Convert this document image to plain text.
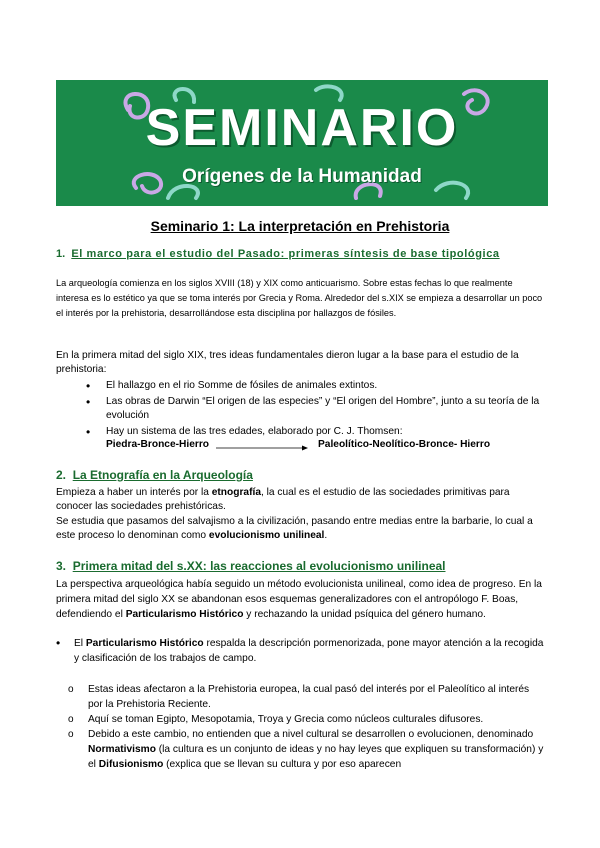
SEMINARIO
Orígenes de la Humanidad
Seminario 1: La interpretación en Prehistoria
1. El marco para el estudio del Pasado: primeras síntesis de base tipológica
La arqueología comienza en los siglos XVIII (18) y XIX como anticuarismo. Sobre estas fechas lo que realmente interesa es lo estético ya que se toma interés por Grecia y Roma. Alrededor del s.XIX se empieza a desarrollar un poco el interés por la prehistoria, desarrollándose esta disciplina por hallazgos de fósiles.
En la primera mitad del siglo XIX, tres ideas fundamentales dieron lugar a la base para el estudio de la prehistoria:
• El hallazgo en el rio Somme de fósiles de animales extintos.
• Las obras de Darwin “El origen de las especies” y “El origen del Hombre”, junto a su teoría de la evolución
• Hay un sistema de las tres edades, elaborado por C. J. Thomsen:
Piedra-Bronce-Hierro	Paleolítico-Neolítico-Bronce- Hierro
2. La Etnografía en la Arqueología
Empieza a haber un interés por la etnografía, la cual es el estudio de las sociedades primitivas para conocer las sociedades prehistóricas.
Se estudia que pasamos del salvajismo a la civilización, pasando entre medias entre la barbarie, lo cual a este proceso lo denominan como evolucionismo unilineal.
3. Primera mitad del s.XX: las reacciones al evolucionismo unilineal
La perspectiva arqueológica había seguido un método evolucionista unilineal, como idea de progreso. En la primera mitad del siglo XX se abandonan esos esquemas generalizadores con el antropólogo F. Boas, defendiendo el Particularismo Histórico y rechazando la unidad psíquica del género humano.
• El Particularismo Histórico respalda la descripción pormenorizada, pone mayor atención a la recogida y clasificación de los trabajos de campo.
o Estas ideas afectaron a la Prehistoria europea, la cual pasó del interés por el Paleolítico al interés por la Prehistoria Reciente.
o Aquí se toman Egipto, Mesopotamia, Troya y Grecia como núcleos culturales difusores.
o Debido a este cambio, no entienden que a nivel cultural se desarrollen o evolucionen, denominado Normativismo (la cultura es un conjunto de ideas y no hay leyes que expliquen su transformación) y el Difusionismo (explica que se llevan su cultura y por eso aparecen
